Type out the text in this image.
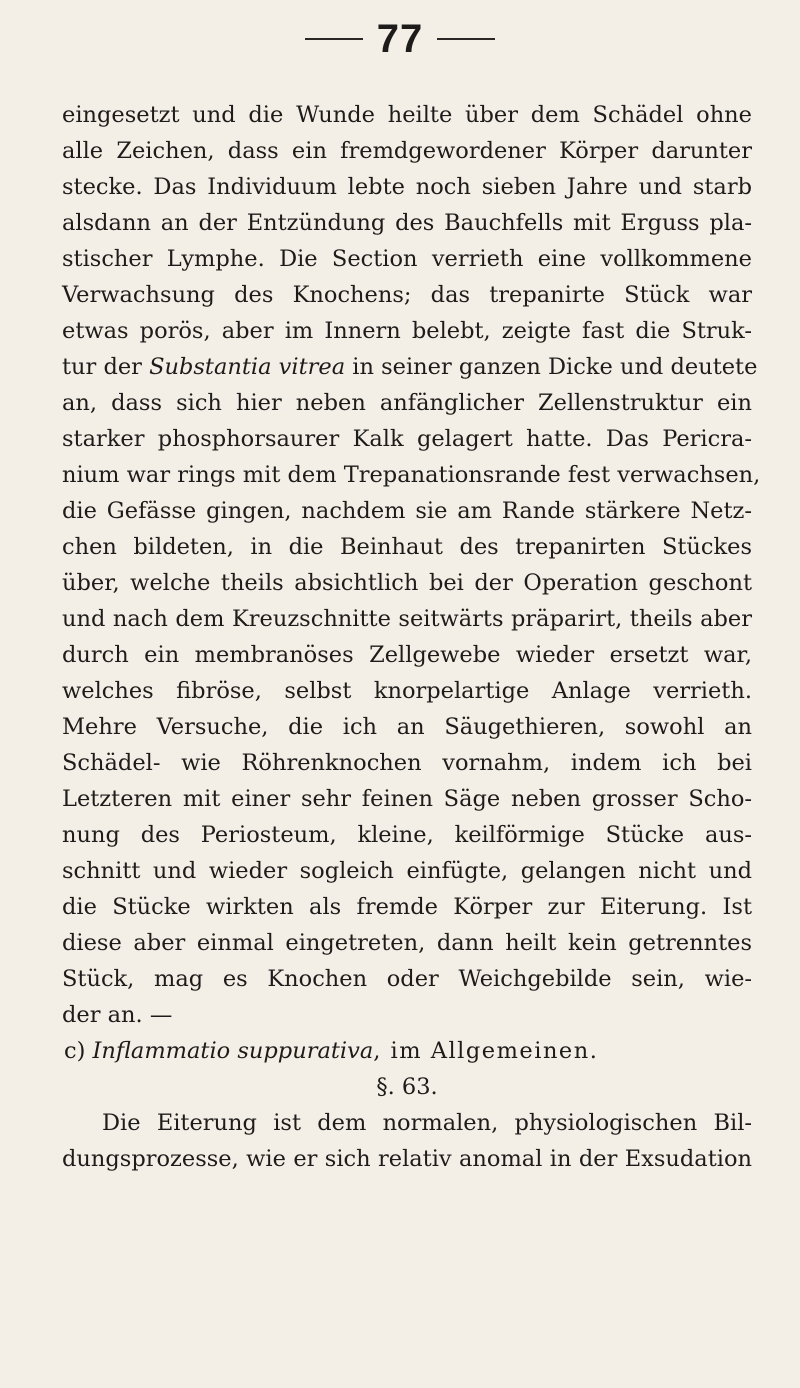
77
eingesetzt und die Wunde heilte über dem Schädel ohne
alle Zeichen, dass ein fremdgewordener Körper darunter
stecke. Das Individuum lebte noch sieben Jahre und starb
alsdann an der Entzündung des Bauchfells mit Erguss pla-
stischer Lymphe. Die Section verrieth eine vollkommene
Verwachsung des Knochens; das trepanirte Stück war
etwas porös, aber im Innern belebt, zeigte fast die Struk-
tur der Substantia vitrea in seiner ganzen Dicke und deutete
an, dass sich hier neben anfänglicher Zellenstruktur ein
starker phosphorsaurer Kalk gelagert hatte. Das Pericra-
nium war rings mit dem Trepanationsrande fest verwachsen,
die Gefässe gingen, nachdem sie am Rande stärkere Netz-
chen bildeten, in die Beinhaut des trepanirten Stückes
über, welche theils absichtlich bei der Operation geschont
und nach dem Kreuzschnitte seitwärts präparirt, theils aber
durch ein membranöses Zellgewebe wieder ersetzt war,
welches fibröse, selbst knorpelartige Anlage verrieth.
Mehre Versuche, die ich an Säugethieren, sowohl an
Schädel- wie Röhrenknochen vornahm, indem ich bei
Letzteren mit einer sehr feinen Säge neben grosser Scho-
nung des Periosteum, kleine, keilförmige Stücke aus-
schnitt und wieder sogleich einfügte, gelangen nicht und
die Stücke wirkten als fremde Körper zur Eiterung. Ist
diese aber einmal eingetreten, dann heilt kein getrenntes
Stück, mag es Knochen oder Weichgebilde sein, wie-
der an. —
c) Inflammatio suppurativa, im Allgemeinen.
§. 63.
Die Eiterung ist dem normalen, physiologischen Bil-
dungsprozesse, wie er sich relativ anomal in der Exsudation
